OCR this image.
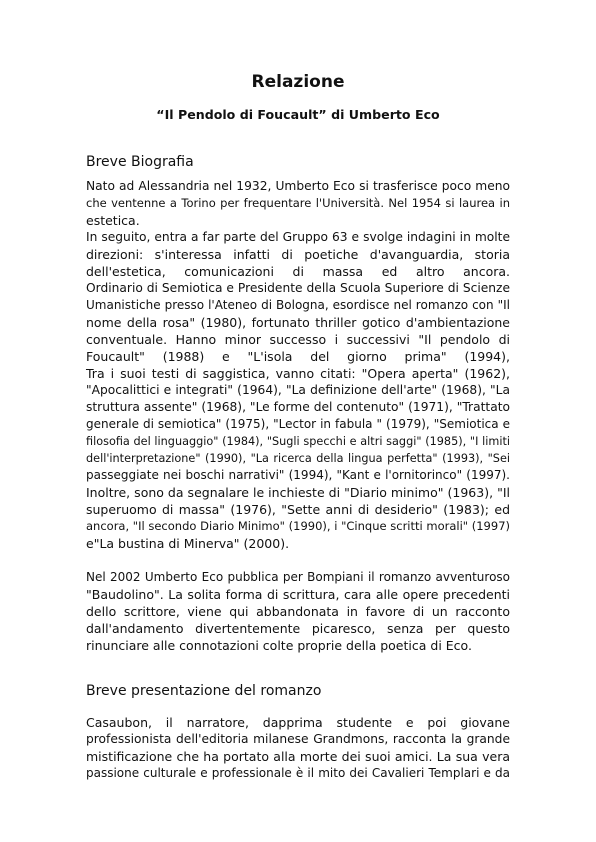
Relazione
“Il Pendolo di Foucault” di Umberto Eco
Breve Biografia
Nato ad Alessandria nel 1932, Umberto Eco si trasferisce poco meno
che ventenne a Torino per frequentare l'Università. Nel 1954 si laurea in
estetica.
In seguito, entra a far parte del Gruppo 63 e svolge indagini in molte
direzioni: s'interessa infatti di poetiche d'avanguardia, storia
dell'estetica, comunicazioni di massa ed altro ancora.
Ordinario di Semiotica e Presidente della Scuola Superiore di Scienze
Umanistiche presso l'Ateneo di Bologna, esordisce nel romanzo con "Il
nome della rosa" (1980), fortunato thriller gotico d'ambientazione
conventuale. Hanno minor successo i successivi "Il pendolo di
Foucault" (1988) e "L'isola del giorno prima" (1994),
Tra i suoi testi di saggistica, vanno citati: "Opera aperta" (1962),
"Apocalittici e integrati" (1964), "La definizione dell'arte" (1968), "La
struttura assente" (1968), "Le forme del contenuto" (1971), "Trattato
generale di semiotica" (1975), "Lector in fabula " (1979), "Semiotica e
filosofia del linguaggio" (1984), "Sugli specchi e altri saggi" (1985), "I limiti
dell'interpretazione" (1990), "La ricerca della lingua perfetta" (1993), "Sei
passeggiate nei boschi narrativi" (1994), "Kant e l'ornitorinco" (1997).
Inoltre, sono da segnalare le inchieste di "Diario minimo" (1963), "Il
superuomo di massa" (1976), "Sette anni di desiderio" (1983); ed
ancora, "Il secondo Diario Minimo" (1990), i "Cinque scritti morali" (1997)
e"La bustina di Minerva" (2000).
Nel 2002 Umberto Eco pubblica per Bompiani il romanzo avventuroso
"Baudolino". La solita forma di scrittura, cara alle opere precedenti
dello scrittore, viene qui abbandonata in favore di un racconto
dall'andamento divertentemente picaresco, senza per questo
rinunciare alle connotazioni colte proprie della poetica di Eco.
Breve presentazione del romanzo
Casaubon, il narratore, dapprima studente e poi giovane
professionista dell'editoria milanese Grandmons, racconta la grande
mistificazione che ha portato alla morte dei suoi amici. La sua vera
passione culturale e professionale è il mito dei Cavalieri Templari e da
